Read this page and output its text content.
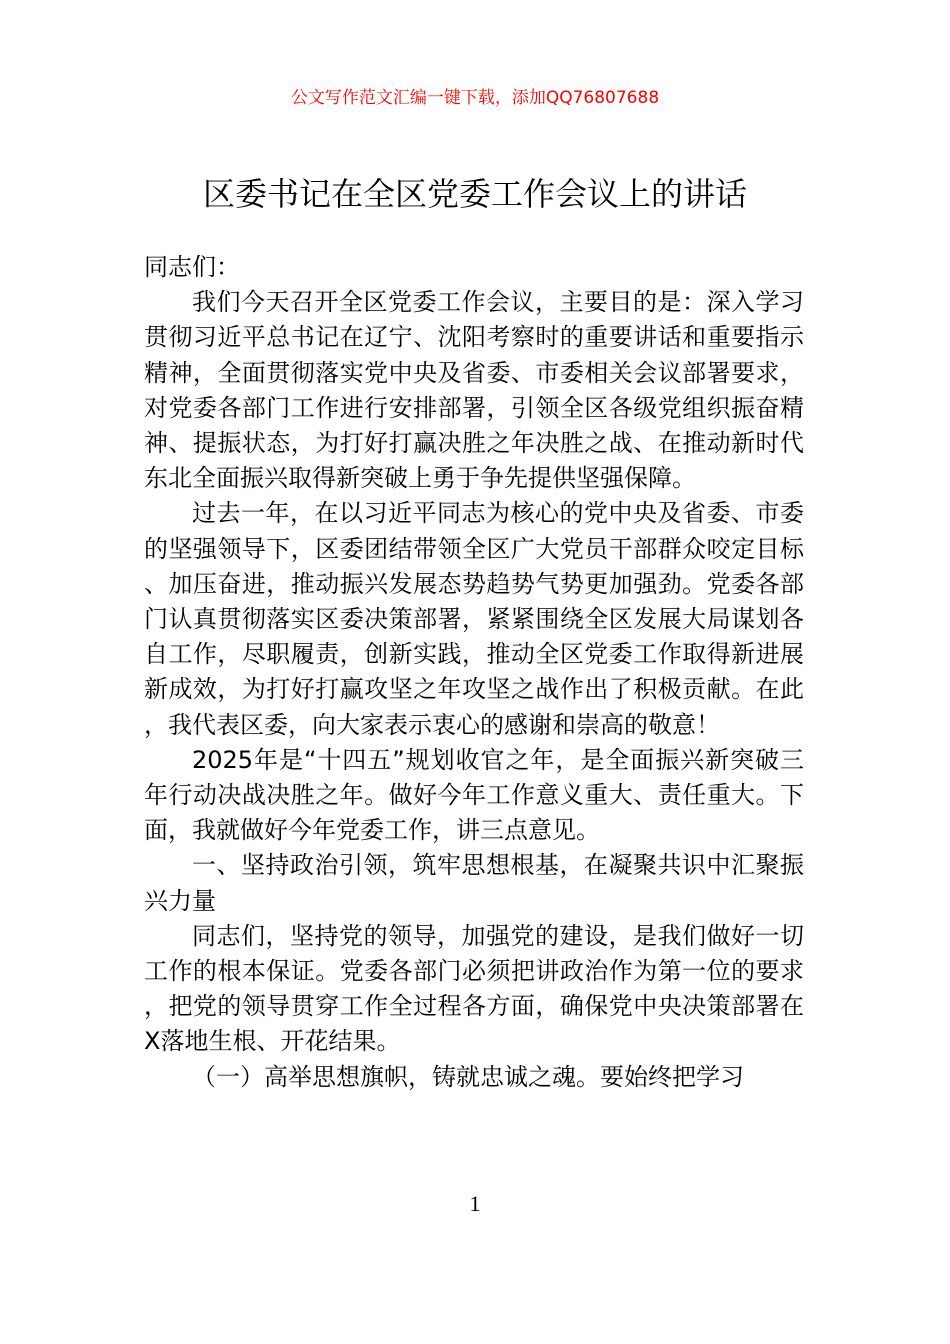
公文写作范文汇编一键下载，添加QQ76807688
区委书记在全区党委工作会议上的讲话

同志们：

我们今天召开全区党委工作会议，主要目的是：深入学习贯彻习近平总书记在辽宁、沈阳考察时的重要讲话和重要指示精神，全面贯彻落实党中央及省委、市委相关会议部署要求，对党委各部门工作进行安排部署，引领全区各级党组织振奋精神、提振状态，为打好打赢决胜之年决胜之战、在推动新时代东北全面振兴取得新突破上勇于争先提供坚强保障。

过去一年，在以习近平同志为核心的党中央及省委、市委的坚强领导下，区委团结带领全区广大党员干部群众咬定目标、加压奋进，推动振兴发展态势趋势气势更加强劲。党委各部门认真贯彻落实区委决策部署，紧紧围绕全区发展大局谋划各自工作，尽职履责，创新实践，推动全区党委工作取得新进展新成效，为打好打赢攻坚之年攻坚之战作出了积极贡献。在此，我代表区委，向大家表示衷心的感谢和崇高的敬意！

2025年是“十四五”规划收官之年，是全面振兴新突破三年行动决战决胜之年。做好今年工作意义重大、责任重大。下面，我就做好今年党委工作，讲三点意见。

一、坚持政治引领，筑牢思想根基，在凝聚共识中汇聚振兴力量

同志们，坚持党的领导，加强党的建设，是我们做好一切工作的根本保证。党委各部门必须把讲政治作为第一位的要求，把党的领导贯穿工作全过程各方面，确保党中央决策部署在X落地生根、开花结果。

（一）高举思想旗帜，铸就忠诚之魂。要始终把学习

1
